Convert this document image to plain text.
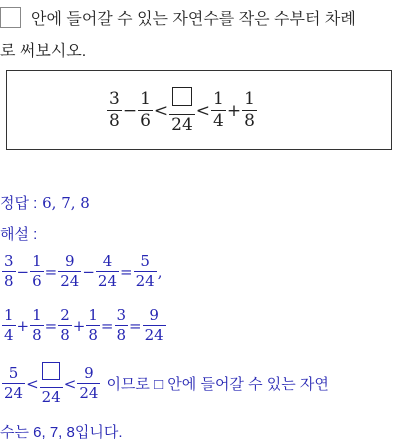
안에 들어갈 수 있는 자연수를 작은 수부터 차례
로 써보시오.
$\frac{3}{8} - \frac{1}{6}$ <
24
< $\frac{1}{4} + \frac{1}{8}$
정답 : 6, 7, 8
해설 :
$\frac{3}{8} - \frac{1}{6} = \frac{9}{24} - \frac{4}{24} = \frac{5}{24}$ ,
$\frac{1}{4} + \frac{1}{8} = \frac{2}{8} + \frac{1}{8} = \frac{3}{8} = \frac{9}{24}$
$\frac{5}{24}$ <
24
< $\frac{9}{24}$ 이므로 □ 안에 들어갈 수 있는 자연
수는 6, 7, 8입니다.
